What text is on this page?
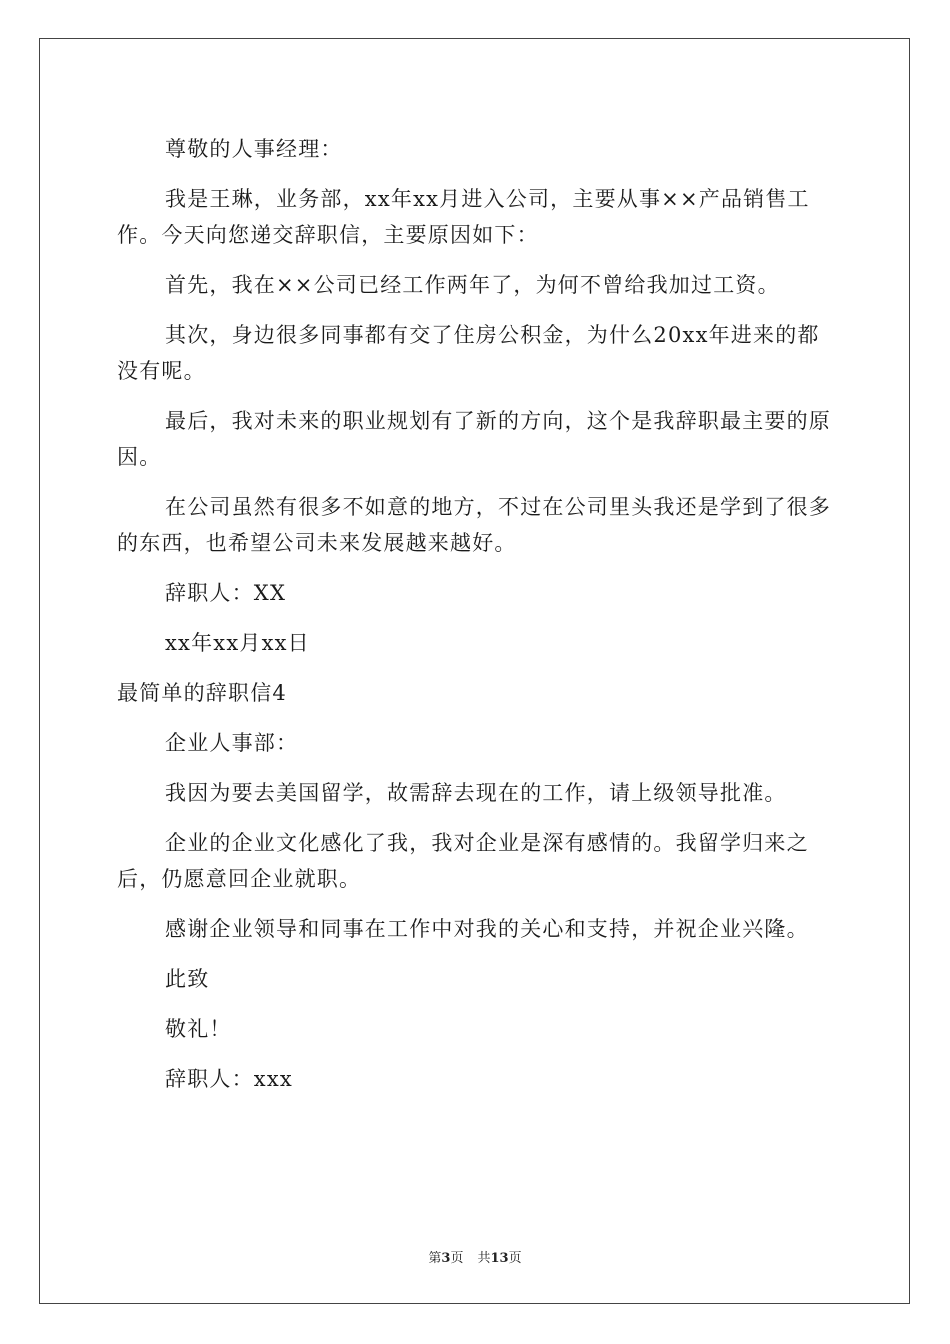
尊敬的人事经理：

我是王琳，业务部，xx年xx月进入公司，主要从事××产品销售工作。今天向您递交辞职信，主要原因如下：

首先，我在××公司已经工作两年了，为何不曾给我加过工资。

其次，身边很多同事都有交了住房公积金，为什么20xx年进来的都没有呢。

最后，我对未来的职业规划有了新的方向，这个是我辞职最主要的原因。

在公司虽然有很多不如意的地方，不过在公司里头我还是学到了很多的东西，也希望公司未来发展越来越好。

辞职人：XX

xx年xx月xx日

最简单的辞职信4

企业人事部：

我因为要去美国留学，故需辞去现在的工作，请上级领导批准。

企业的企业文化感化了我，我对企业是深有感情的。我留学归来之后，仍愿意回企业就职。

感谢企业领导和同事在工作中对我的关心和支持，并祝企业兴隆。

此致

敬礼！

辞职人：xxx

第3页 共13页
